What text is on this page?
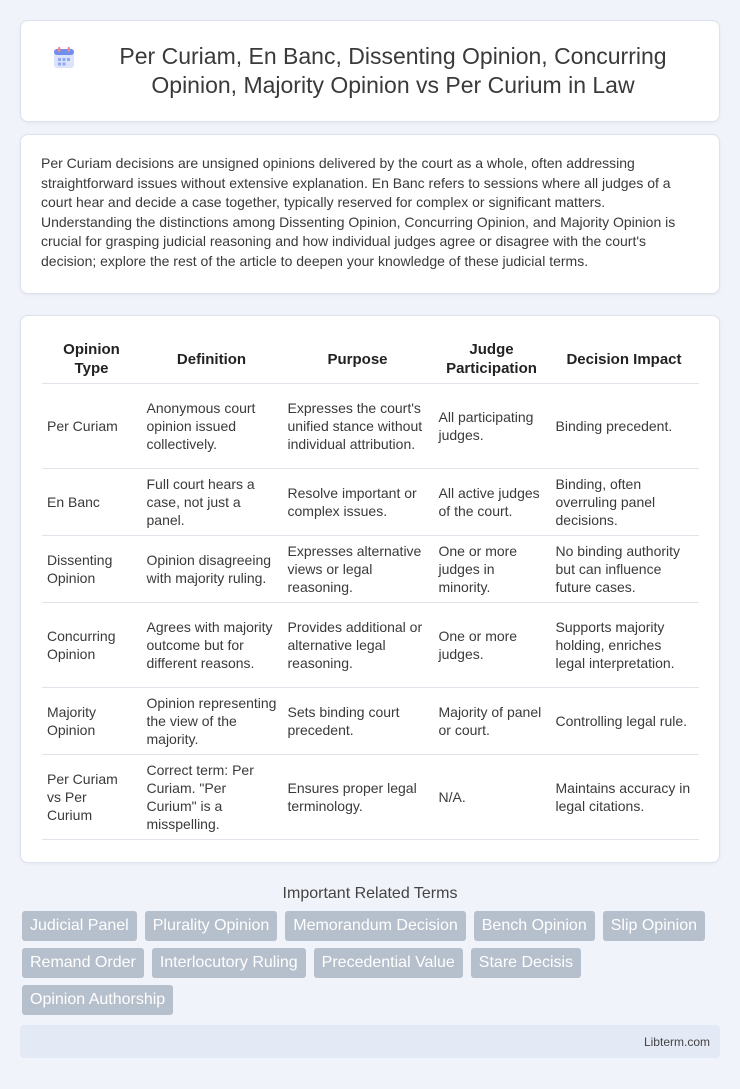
Per Curiam, En Banc, Dissenting Opinion, Concurring Opinion, Majority Opinion vs Per Curium in Law

Per Curiam decisions are unsigned opinions delivered by the court as a whole, often addressing straightforward issues without extensive explanation. En Banc refers to sessions where all judges of a court hear and decide a case together, typically reserved for complex or significant matters. Understanding the distinctions among Dissenting Opinion, Concurring Opinion, and Majority Opinion is crucial for grasping judicial reasoning and how individual judges agree or disagree with the court's decision; explore the rest of the article to deepen your knowledge of these judicial terms.

Opinion Type	Definition	Purpose	Judge Participation	Decision Impact
Per Curiam	Anonymous court opinion issued collectively.	Expresses the court's unified stance without individual attribution.	All participating judges.	Binding precedent.
En Banc	Full court hears a case, not just a panel.	Resolve important or complex issues.	All active judges of the court.	Binding, often overruling panel decisions.
Dissenting Opinion	Opinion disagreeing with majority ruling.	Expresses alternative views or legal reasoning.	One or more judges in minority.	No binding authority but can influence future cases.
Concurring Opinion	Agrees with majority outcome but for different reasons.	Provides additional or alternative legal reasoning.	One or more judges.	Supports majority holding, enriches legal interpretation.
Majority Opinion	Opinion representing the view of the majority.	Sets binding court precedent.	Majority of panel or court.	Controlling legal rule.
Per Curiam vs Per Curium	Correct term: Per Curiam. "Per Curium" is a misspelling.	Ensures proper legal terminology.	N/A.	Maintains accuracy in legal citations.
Important Related Terms
Judicial Panel	Plurality Opinion	Memorandum Decision	Bench Opinion	Slip Opinion
Remand Order	Interlocutory Ruling	Precedential Value	Stare Decisis
Opinion Authorship
Libterm.com
